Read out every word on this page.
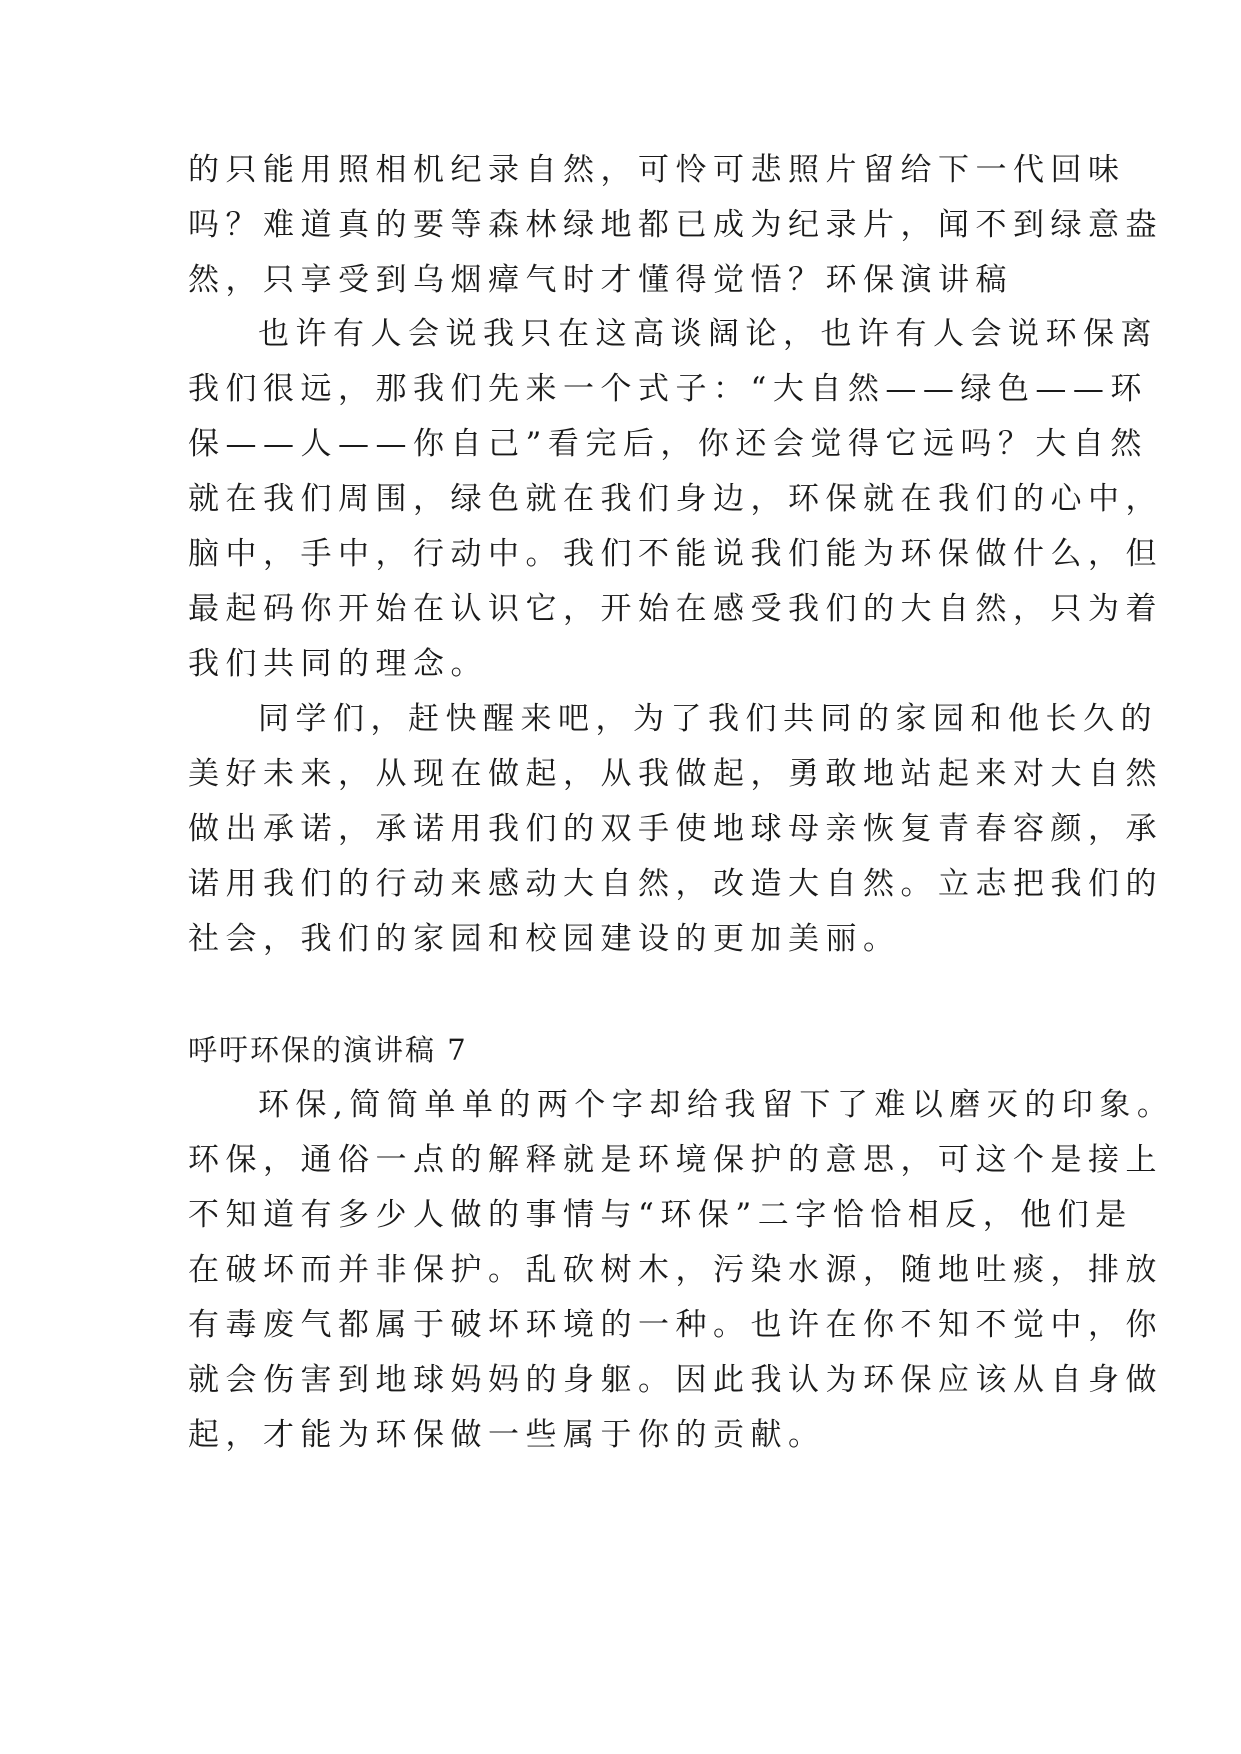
的只能用照相机纪录自然，可怜可悲照片留给下一代回味
吗？难道真的要等森林绿地都已成为纪录片，闻不到绿意盎
然，只享受到乌烟瘴气时才懂得觉悟？环保演讲稿
也许有人会说我只在这高谈阔论，也许有人会说环保离
我们很远，那我们先来一个式子：“大自然——绿色——环
保——人——你自己”看完后，你还会觉得它远吗？大自然
就在我们周围，绿色就在我们身边，环保就在我们的心中，
脑中，手中，行动中。我们不能说我们能为环保做什么，但
最起码你开始在认识它，开始在感受我们的大自然，只为着
我们共同的理念。
同学们，赶快醒来吧，为了我们共同的家园和他长久的
美好未来，从现在做起，从我做起，勇敢地站起来对大自然
做出承诺，承诺用我们的双手使地球母亲恢复青春容颜，承
诺用我们的行动来感动大自然，改造大自然。立志把我们的
社会，我们的家园和校园建设的更加美丽。
呼吁环保的演讲稿 7
环保,简简单单的两个字却给我留下了难以磨灭的印象。
环保，通俗一点的解释就是环境保护的意思，可这个是接上
不知道有多少人做的事情与“环保”二字恰恰相反，他们是
在破坏而并非保护。乱砍树木，污染水源，随地吐痰，排放
有毒废气都属于破坏环境的一种。也许在你不知不觉中，你
就会伤害到地球妈妈的身躯。因此我认为环保应该从自身做
起，才能为环保做一些属于你的贡献。
